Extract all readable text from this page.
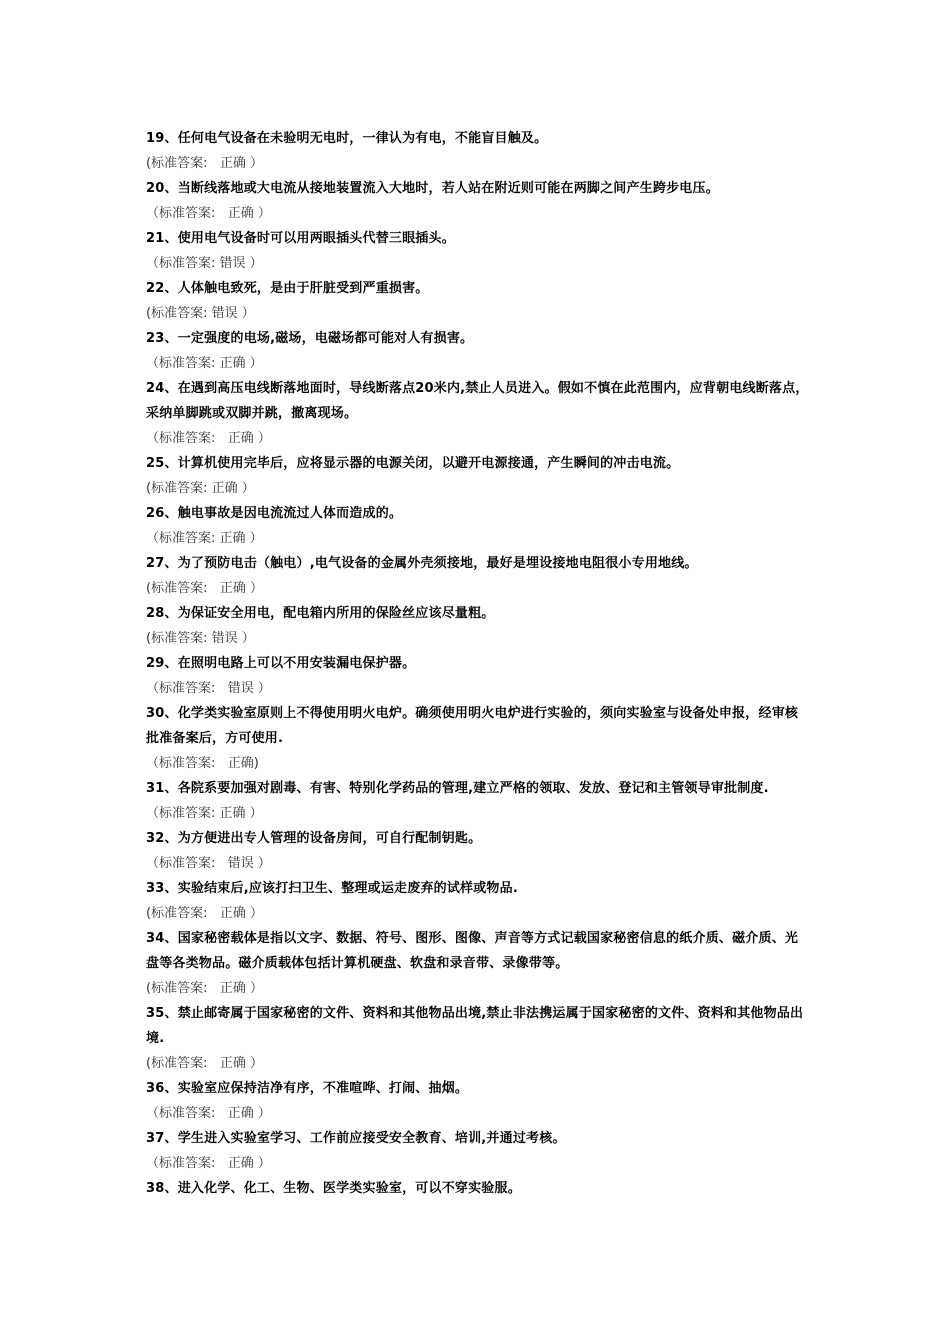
19、任何电气设备在未验明无电时，一律认为有电，不能盲目触及。

(标准答案:   正确 ）

20、当断线落地或大电流从接地装置流入大地时，若人站在附近则可能在两脚之间产生跨步电压。

（标准答案:   正确 ）

21、使用电气设备时可以用两眼插头代替三眼插头。

（标准答案: 错误 ）

22、人体触电致死，是由于肝脏受到严重损害。

(标准答案: 错误 ）

23、一定强度的电场,磁场，电磁场都可能对人有损害。

（标准答案: 正确 ）

24、在遇到高压电线断落地面时，导线断落点20米内,禁止人员进入。假如不慎在此范围内，应背朝电线断落点，采纳单脚跳或双脚并跳，撤离现场。

（标准答案:   正确 ）

25、计算机使用完毕后，应将显示器的电源关闭，以避开电源接通，产生瞬间的冲击电流。

(标准答案: 正确 ）

26、触电事故是因电流流过人体而造成的。

（标准答案: 正确 ）

27、为了预防电击（触电）,电气设备的金属外壳须接地，最好是埋设接地电阻很小专用地线。

(标准答案:   正确 ）

28、为保证安全用电，配电箱内所用的保险丝应该尽量粗。

(标准答案: 错误 ）

29、在照明电路上可以不用安装漏电保护器。

（标准答案:   错误 ）

30、化学类实验室原则上不得使用明火电炉。确须使用明火电炉进行实验的，须向实验室与设备处申报，经审核批准备案后，方可使用.

（标准答案:   正确)

31、各院系要加强对剧毒、有害、特别化学药品的管理,建立严格的领取、发放、登记和主管领导审批制度.

（标准答案: 正确 ）

32、为方便进出专人管理的设备房间，可自行配制钥匙。

（标准答案:   错误 ）

33、实验结束后,应该打扫卫生、整理或运走废弃的试样或物品.

(标准答案:   正确 ）

34、国家秘密载体是指以文字、数据、符号、图形、图像、声音等方式记载国家秘密信息的纸介质、磁介质、光盘等各类物品。磁介质载体包括计算机硬盘、软盘和录音带、录像带等。

(标准答案:   正确 ）

35、禁止邮寄属于国家秘密的文件、资料和其他物品出境,禁止非法携运属于国家秘密的文件、资料和其他物品出境.

(标准答案:   正确 ）

36、实验室应保持洁净有序，不准喧哗、打闹、抽烟。

（标准答案:   正确 ）

37、学生进入实验室学习、工作前应接受安全教育、培训,并通过考核。

（标准答案:   正确 ）

38、进入化学、化工、生物、医学类实验室，可以不穿实验服。
